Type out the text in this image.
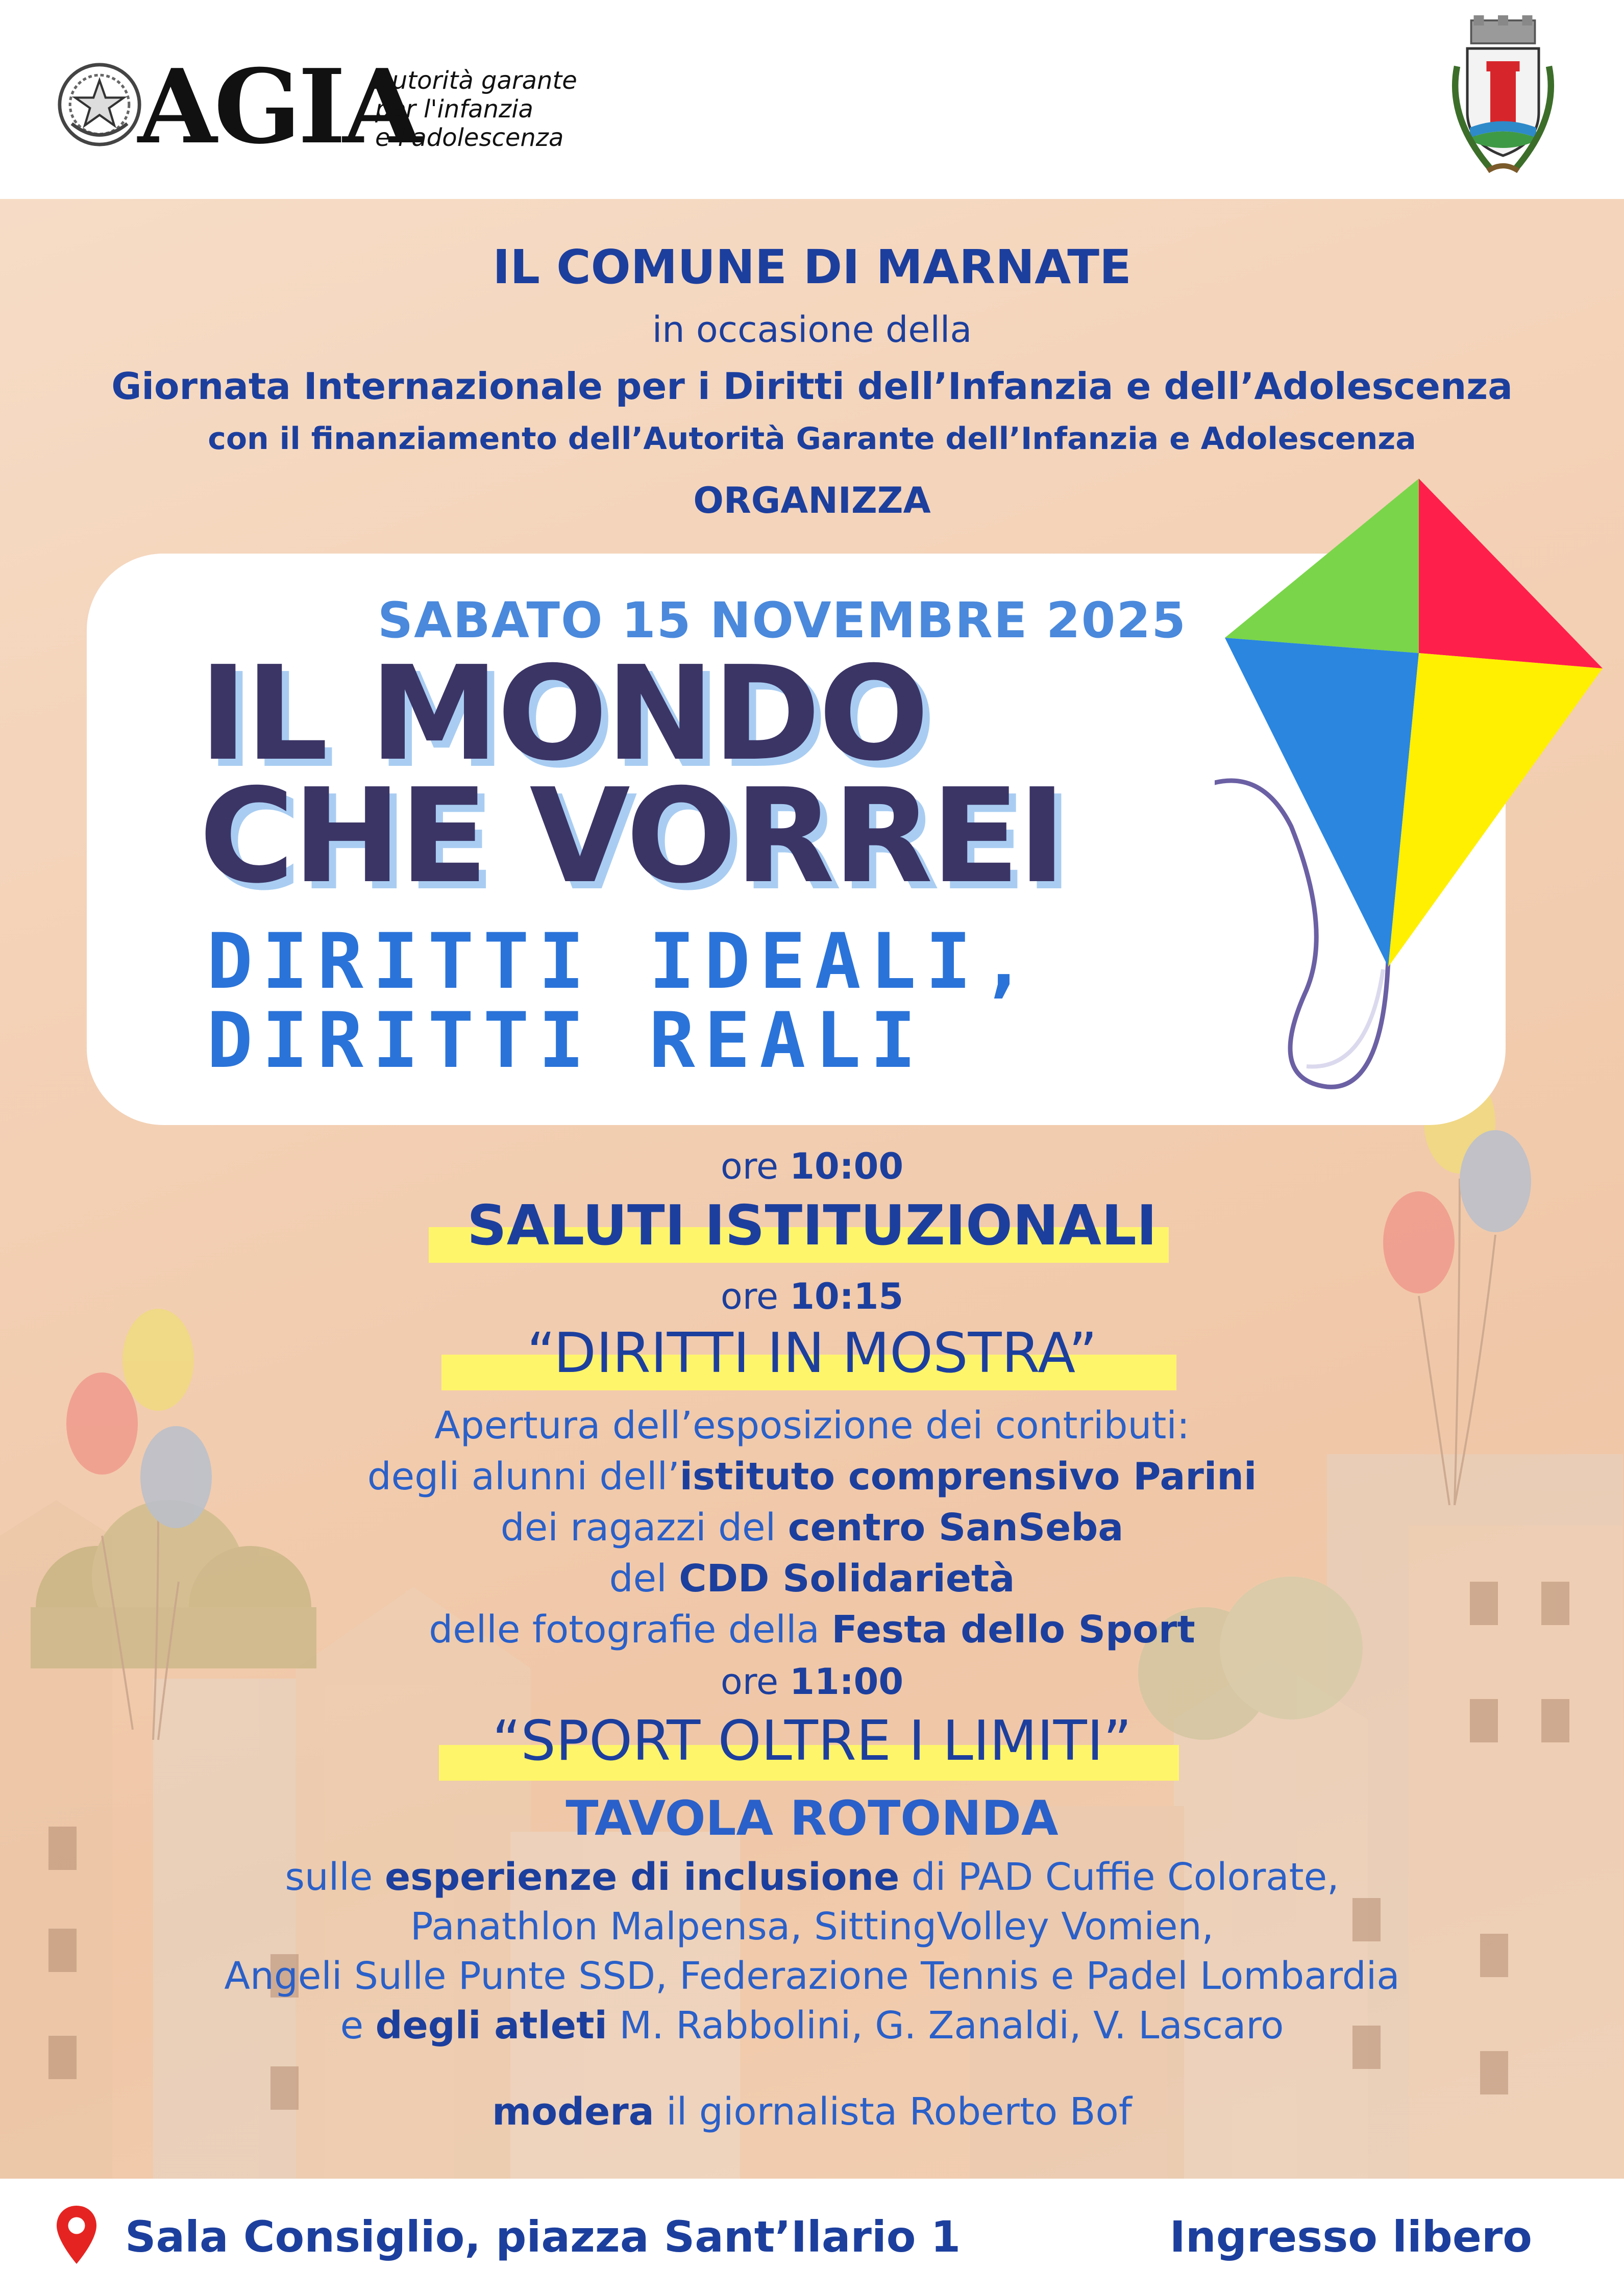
AGIA
Autorità garante
per l'infanzia
e l'adolescenza
IL COMUNE DI MARNATE
in occasione della
Giornata Internazionale per i Diritti dell’Infanzia e dell’Adolescenza
con il finanziamento dell’Autorità Garante dell’Infanzia e Adolescenza
ORGANIZZA
SABATO 15 NOVEMBRE 2025
IL MONDO
CHE VORREI
DIRITTI IDEALI,
DIRITTI REALI
ore 10:00
SALUTI ISTITUZIONALI
ore 10:15
“DIRITTI IN MOSTRA”
Apertura dell’esposizione dei contributi:
degli alunni dell’istituto comprensivo Parini
dei ragazzi del centro SanSeba
del CDD Solidarietà
delle fotografie della Festa dello Sport
ore 11:00
“SPORT OLTRE I LIMITI”
TAVOLA ROTONDA
sulle esperienze di inclusione di PAD Cuffie Colorate,
Panathlon Malpensa, SittingVolley Vomien,
Angeli Sulle Punte SSD, Federazione Tennis e Padel Lombardia
e degli atleti M. Rabbolini, G. Zanaldi, V. Lascaro
modera il giornalista Roberto Bof
Sala Consiglio, piazza Sant’Ilario 1	Ingresso libero
